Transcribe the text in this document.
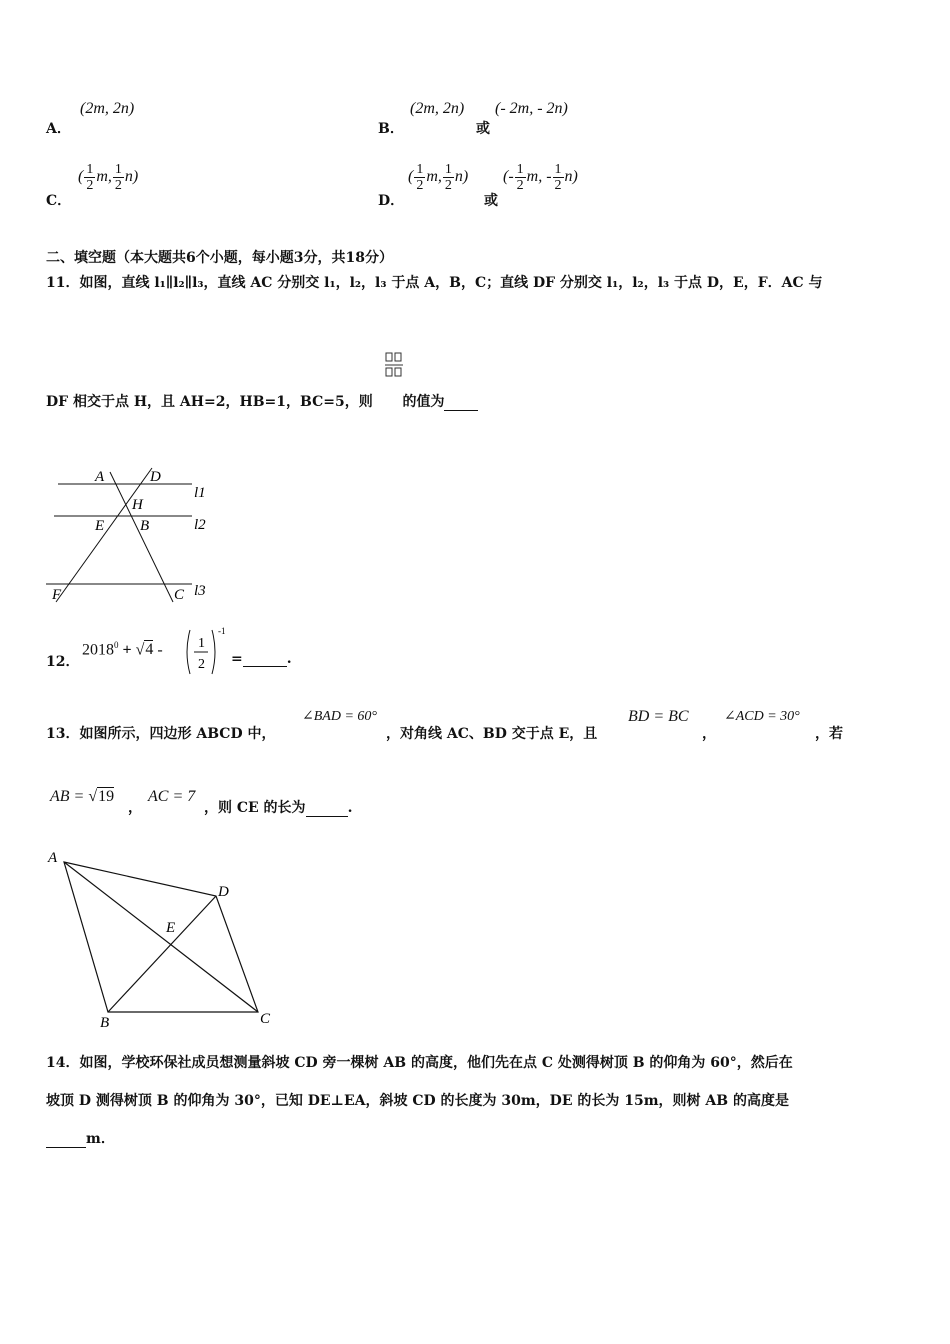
A．
(2m, 2n)
B．
(2m, 2n)
或
(- 2m, - 2n)
C．
( $\frac{1}{2} m$, $\frac{1}{2} n$)
D．
( $\frac{1}{2} m$, $\frac{1}{2} n$)
或
(- $\frac{1}{2} m$, - $\frac{1}{2} n$)
二、填空题（本大题共6个小题，每小题3分，共18分）
11．如图，直线 l₁∥l₂∥l₃，直线 AC 分别交 l₁，l₂，l₃ 于点 A，B，C；直线 DF 分别交 l₁，l₂，l₃ 于点 D，E，F．AC 与
DF 相交于点 H，且 AH=2，HB=1，BC=5，则 的值为
A	D
H
E B
F	C
l1
l2
l3
12．
$2018^0 + √4$ -	1
2
-1
=	.
13．如图所示，四边形 ABCD 中，
∠BAD = 60°
，对角线 AC、BD 交于点 E，且
BD = BC
，
∠ACD = 30°
，若
AB = √19
，
AC = 7
，则 CE 的长为	.
A
D
E
B	C
14．如图，学校环保社成员想测量斜坡 CD 旁一棵树 AB 的高度，他们先在点 C 处测得树顶 B 的仰角为 60°，然后在
坡顶 D 测得树顶 B 的仰角为 30°，已知 DE⊥EA，斜坡 CD 的长度为 30m，DE 的长为 15m，则树 AB 的高度是
m．
